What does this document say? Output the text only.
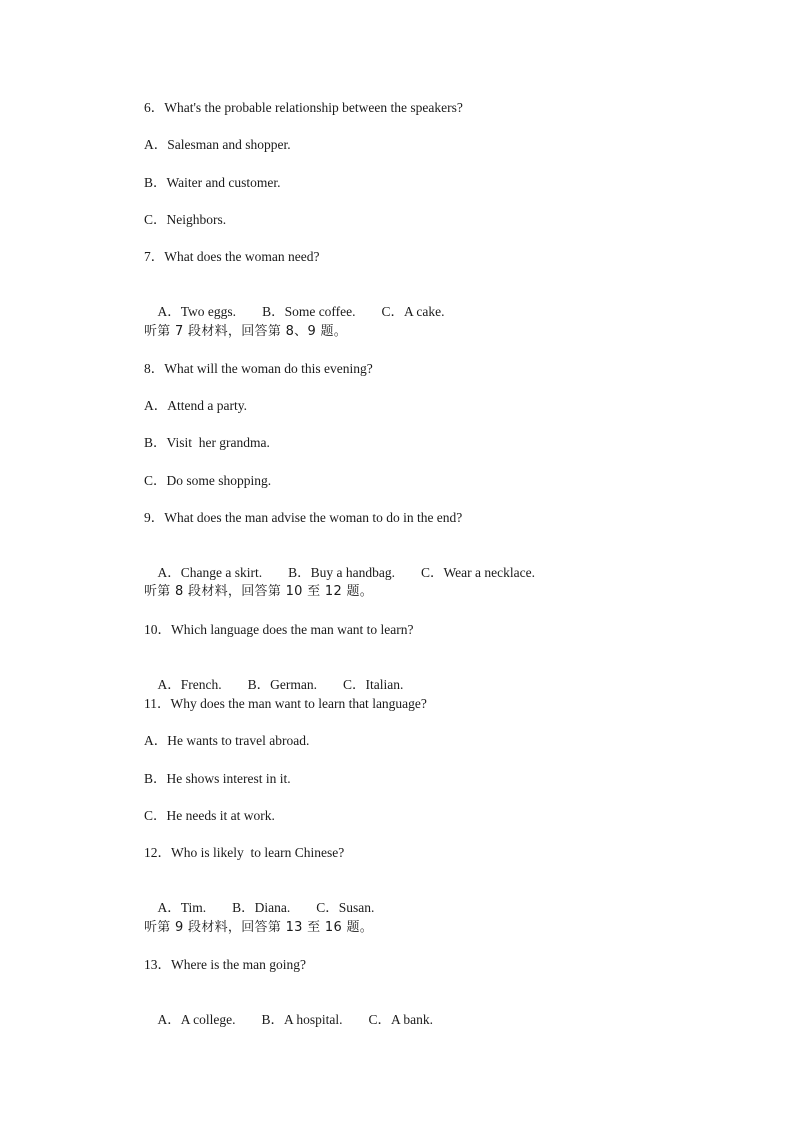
6．What's the probable relationship between the speakers?
A．Salesman and shopper.
B．Waiter and customer.
C．Neighbors.
7．What does the woman need?

A．Two eggs. B．Some coffee. C．A cake.

听第 7 段材料，回答第 8、9 题。
8．What will the woman do this evening?
A．Attend a party.
B．Visit  her grandma.
C．Do some shopping.
9．What does the man advise the woman to do in the end?

A．Change a skirt. B．Buy a handbag. C．Wear a necklace.

听第 8 段材料，回答第 10 至 12 题。
10．Which language does the man want to learn?

A．French. B．German. C．Italian.

11．Why does the man want to learn that language?
A．He wants to travel abroad.
B．He shows interest in it.
C．He needs it at work.
12．Who is likely  to learn Chinese?

A．Tim. B．Diana. C．Susan.

听第 9 段材料，回答第 13 至 16 题。
13．Where is the man going?

A．A college. B．A hospital. C．A bank.
